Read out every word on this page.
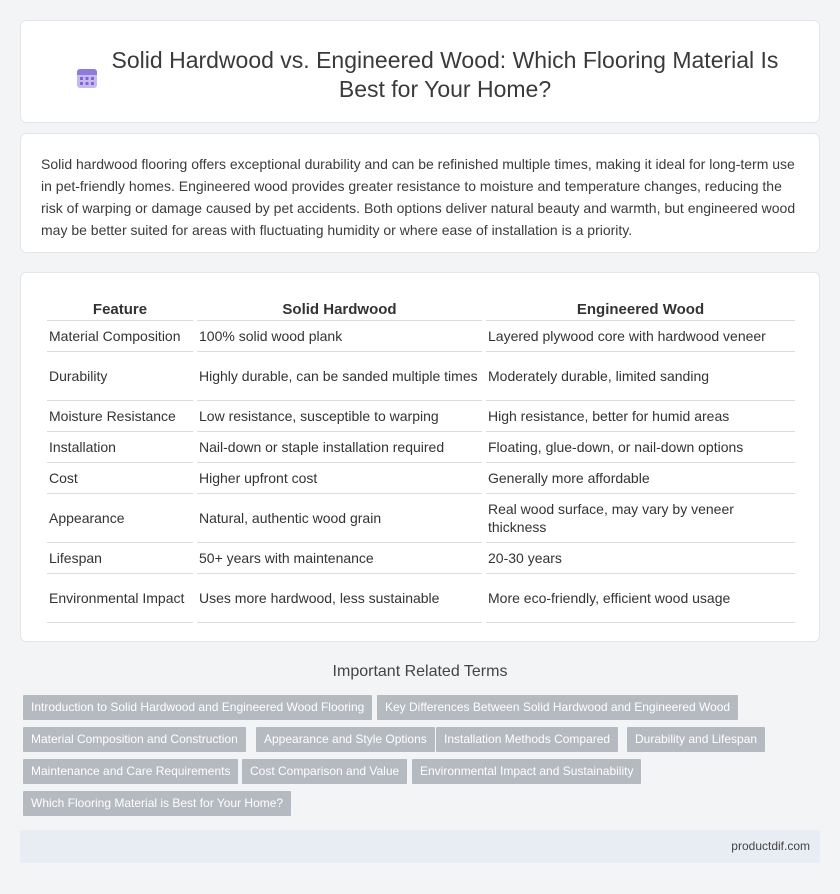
Solid Hardwood vs. Engineered Wood: Which Flooring Material Is Best for Your Home?

Solid hardwood flooring offers exceptional durability and can be refinished multiple times, making it ideal for long-term use in pet-friendly homes. Engineered wood provides greater resistance to moisture and temperature changes, reducing the risk of warping or damage caused by pet accidents. Both options deliver natural beauty and warmth, but engineered wood may be better suited for areas with fluctuating humidity or where ease of installation is a priority.

Feature	Solid Hardwood	Engineered Wood
Material Composition	100% solid wood plank	Layered plywood core with hardwood veneer
Durability	Highly durable, can be sanded multiple times	Moderately durable, limited sanding
Moisture Resistance	Low resistance, susceptible to warping	High resistance, better for humid areas
Installation	Nail-down or staple installation required	Floating, glue-down, or nail-down options
Cost	Higher upfront cost	Generally more affordable
Appearance	Natural, authentic wood grain	Real wood surface, may vary by veneer thickness
Lifespan	50+ years with maintenance	20-30 years
Environmental Impact	Uses more hardwood, less sustainable	More eco-friendly, efficient wood usage
Important Related Terms
Introduction to Solid Hardwood and Engineered Wood Flooring	Key Differences Between Solid Hardwood and Engineered Wood
Material Composition and Construction	Appearance and Style Options	Installation Methods Compared	Durability and Lifespan
Maintenance and Care Requirements	Cost Comparison and Value	Environmental Impact and Sustainability
Which Flooring Material is Best for Your Home?
productdif.com
